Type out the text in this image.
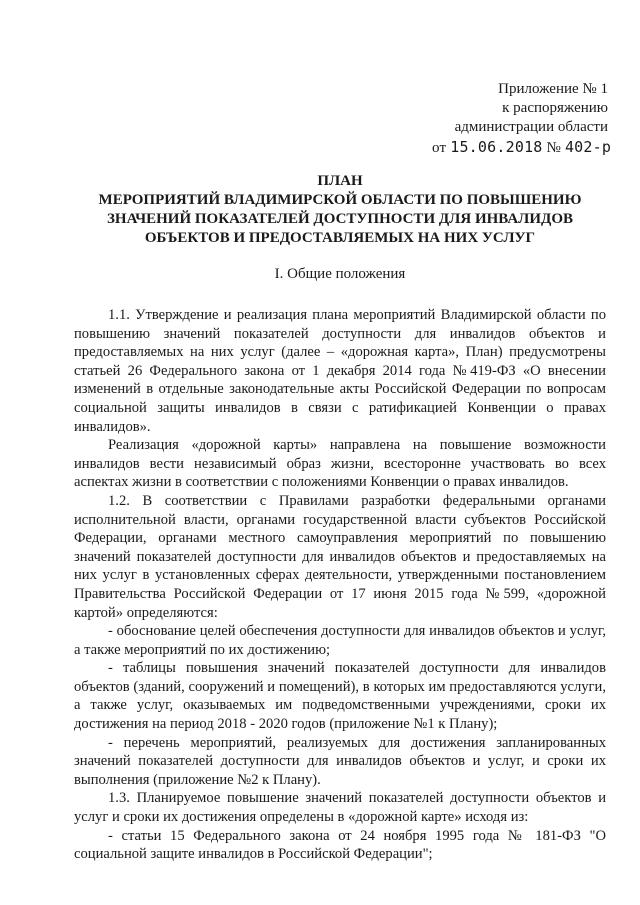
Приложение № 1
к распоряжению
администрации области
от 15.06.2018 № 402-р
ПЛАН
МЕРОПРИЯТИЙ ВЛАДИМИРСКОЙ ОБЛАСТИ ПО ПОВЫШЕНИЮ
ЗНАЧЕНИЙ ПОКАЗАТЕЛЕЙ ДОСТУПНОСТИ ДЛЯ ИНВАЛИДОВ
ОБЪЕКТОВ И ПРЕДОСТАВЛЯЕМЫХ НА НИХ УСЛУГ
I. Общие положения

1.1. Утверждение и реализация плана мероприятий Владимирской области по повышению значений показателей доступности для инвалидов объектов и предоставляемых на них услуг (далее – «дорожная карта», План) предусмотрены статьей 26 Федерального закона от 1 декабря 2014 года №419-ФЗ «О внесении изменений в отдельные законодательные акты Российской Федерации по вопросам социальной защиты инвалидов в связи с ратификацией Конвенции о правах инвалидов».

Реализация «дорожной карты» направлена на повышение возможности инвалидов вести независимый образ жизни, всесторонне участвовать во всех аспектах жизни в соответствии с положениями Конвенции о правах инвалидов.

1.2. В соответствии с Правилами разработки федеральными органами исполнительной власти, органами государственной власти субъектов Российской Федерации, органами местного самоуправления мероприятий по повышению значений показателей доступности для инвалидов объектов и предоставляемых на них услуг в установленных сферах деятельности, утвержденными постановлением Правительства Российской Федерации от 17 июня 2015 года №599, «дорожной картой» определяются:

- обоснование целей обеспечения доступности для инвалидов объектов и услуг, а также мероприятий по их достижению;

- таблицы повышения значений показателей доступности для инвалидов объектов (зданий, сооружений и помещений), в которых им предоставляются услуги, а также услуг, оказываемых им подведомственными учреждениями, сроки их достижения на период 2018 - 2020 годов (приложение №1 к Плану);

- перечень мероприятий, реализуемых для достижения запланированных значений показателей доступности для инвалидов объектов и услуг, и сроки их выполнения (приложение №2 к Плану).

1.3. Планируемое повышение значений показателей доступности объектов и услуг и сроки их достижения определены в «дорожной карте» исходя из:

- статьи 15 Федерального закона от 24 ноября 1995 года № 181-ФЗ "О социальной защите инвалидов в Российской Федерации";
